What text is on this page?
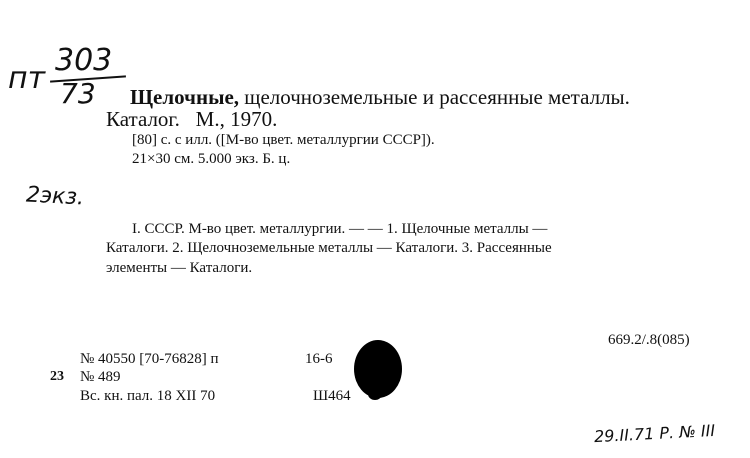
пт
303
73 Щелочные, щелочноземельные и рассеянные металлы.
Каталог.   М., 1970.
[80] с. с илл. ([М-во цвет. металлургии СССР]).
21×30 см. 5.000 экз. Б. ц.
2экз.
I. СССР. М-во цвет. металлургии. — — 1. Щелочные металлы —
Каталоги. 2. Щелочноземельные металлы — Каталоги. 3. Рассеянные
элементы — Каталоги.
669.2/.8(085)
№ 40550 [70-76828] п	16-6
23 № 489
Вс. кн. пал. 18 XII 70	Ш464
29.II.71 Р. № III
